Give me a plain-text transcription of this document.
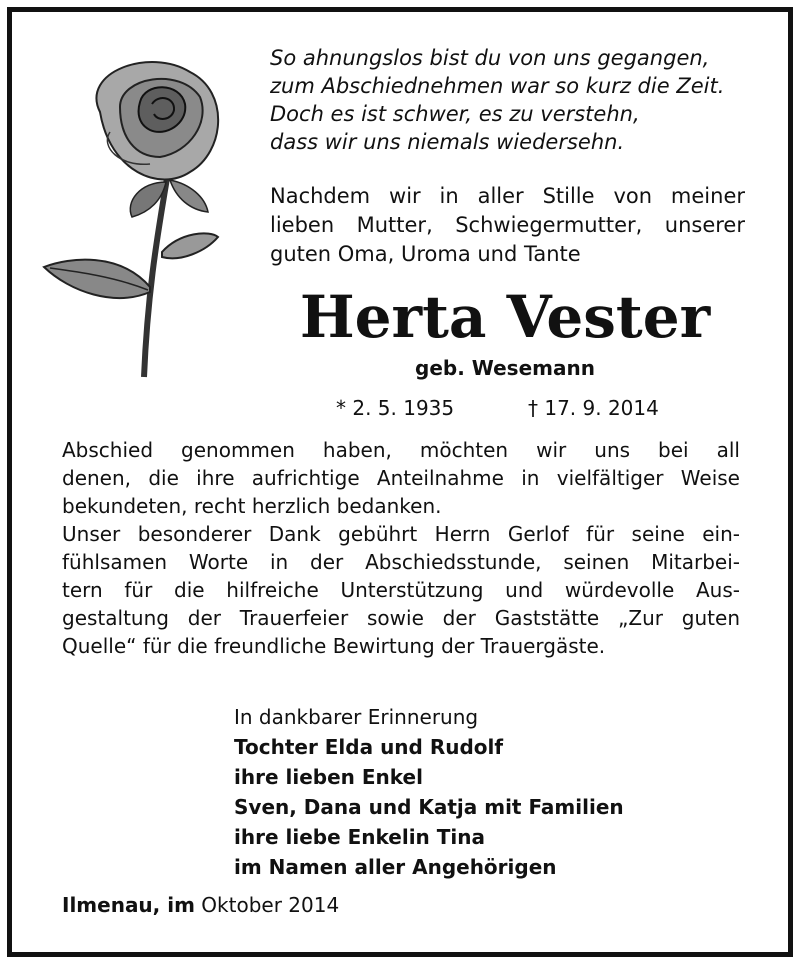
So ahnungslos bist du von uns gegangen,
zum Abschiednehmen war so kurz die Zeit.
Doch es ist schwer, es zu verstehn,
dass wir uns niemals wiedersehn.
Nachdem wir in aller Stille von meiner
lieben Mutter, Schwiegermutter, unserer
guten Oma, Uroma und Tante
Herta Vester
geb. Wesemann
* 2. 5. 1935	† 17. 9. 2014
Abschied genommen haben, möchten wir uns bei all
denen, die ihre aufrichtige Anteilnahme in vielfältiger Weise
bekundeten, recht herzlich bedanken.
Unser besonderer Dank gebührt Herrn Gerlof für seine ein-
fühlsamen Worte in der Abschiedsstunde, seinen Mitarbei-
tern für die hilfreiche Unterstützung und würdevolle Aus-
gestaltung der Trauerfeier sowie der Gaststätte „Zur guten
Quelle“ für die freundliche Bewirtung der Trauergäste.
In dankbarer Erinnerung
Tochter Elda und Rudolf
ihre lieben Enkel
Sven, Dana und Katja mit Familien
ihre liebe Enkelin Tina
im Namen aller Angehörigen
Ilmenau, im Oktober 2014
